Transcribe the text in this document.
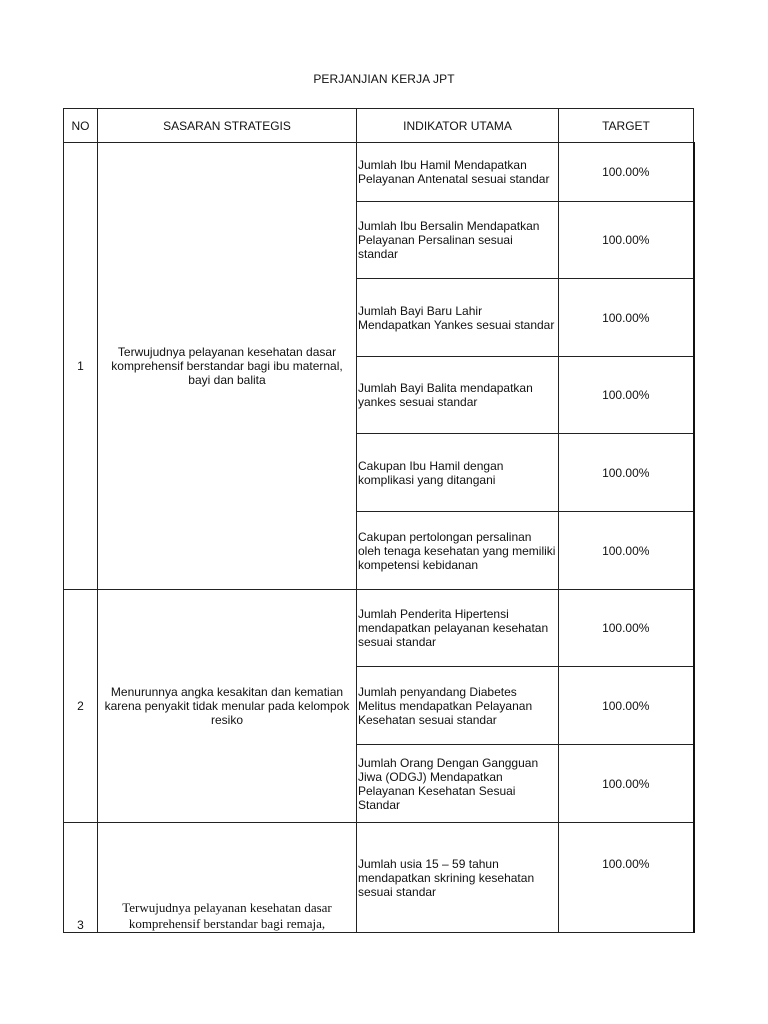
PERJANJIAN KERJA JPT
NO	SASARAN STRATEGIS	INDIKATOR UTAMA	TARGET
1	Terwujudnya pelayanan kesehatan dasar komprehensif berstandar bagi ibu maternal, bayi dan balita	Jumlah Ibu Hamil Mendapatkan Pelayanan Antenatal sesuai standar	100.00%
		Jumlah Ibu Bersalin Mendapatkan Pelayanan Persalinan sesuai standar	100.00%
		Jumlah Bayi Baru Lahir Mendapatkan Yankes sesuai standar	100.00%
		Jumlah Bayi Balita mendapatkan yankes sesuai standar	100.00%
		Cakupan Ibu Hamil dengan komplikasi yang ditangani	100.00%
		Cakupan pertolongan persalinan oleh tenaga kesehatan yang memiliki kompetensi kebidanan	100.00%
2	Menurunnya angka kesakitan dan kematian karena penyakit tidak menular pada kelompok resiko	Jumlah Penderita Hipertensi mendapatkan pelayanan kesehatan sesuai standar	100.00%
		Jumlah penyandang Diabetes Melitus mendapatkan Pelayanan Kesehatan sesuai standar	100.00%
		Jumlah Orang Dengan Gangguan Jiwa (ODGJ) Mendapatkan Pelayanan Kesehatan Sesuai Standar	100.00%
3	Terwujudnya pelayanan kesehatan dasar komprehensif berstandar bagi remaja,	Jumlah usia 15 – 59 tahun mendapatkan skrining kesehatan sesuai standar	100.00%
